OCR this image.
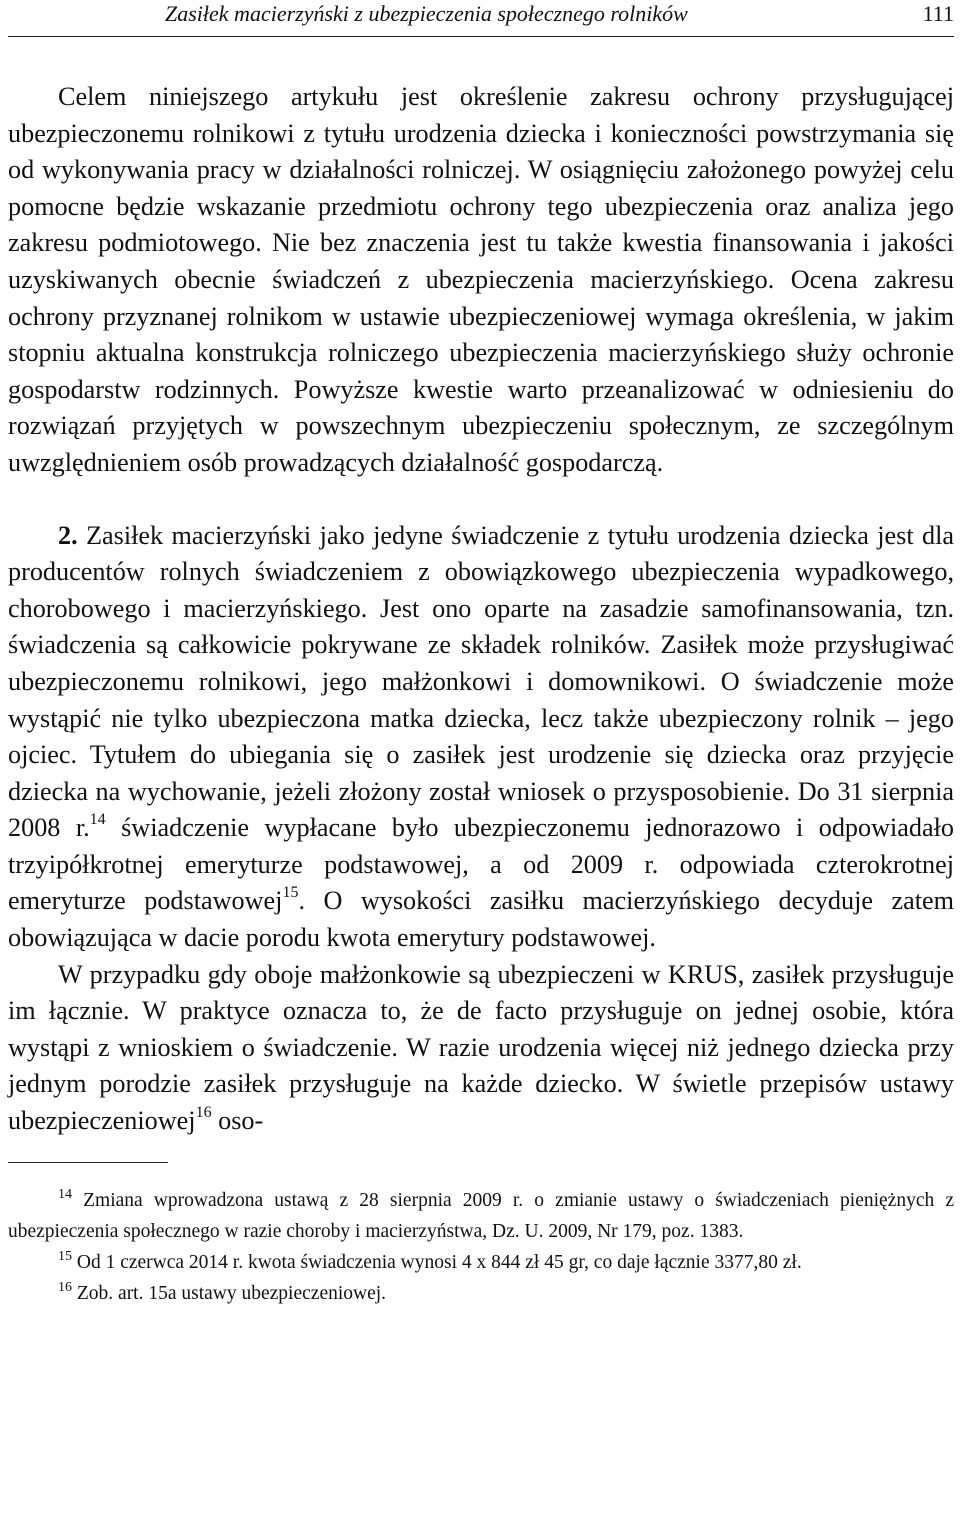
Zasiłek macierzyński z ubezpieczenia społecznego rolników	111

Celem niniejszego artykułu jest określenie zakresu ochrony przysługującej ubezpieczonemu rolnikowi z tytułu urodzenia dziecka i konieczności powstrzymania się od wykonywania pracy w działalności rolniczej. W osiągnięciu założonego powyżej celu pomocne będzie wskazanie przedmiotu ochrony tego ubezpieczenia oraz analiza jego zakresu podmiotowego. Nie bez znaczenia jest tu także kwestia finansowania i jakości uzyskiwanych obecnie świadczeń z ubezpieczenia macierzyńskiego. Ocena zakresu ochrony przyznanej rolnikom w ustawie ubezpieczeniowej wymaga określenia, w jakim stopniu aktualna konstrukcja rolniczego ubezpieczenia macierzyńskiego służy ochronie gospodarstw rodzinnych. Powyższe kwestie warto przeanalizować w odniesieniu do rozwiązań przyjętych w powszechnym ubezpieczeniu społecznym, ze szczególnym uwzględnieniem osób prowadzących działalność gospodarczą.

2. Zasiłek macierzyński jako jedyne świadczenie z tytułu urodzenia dziecka jest dla producentów rolnych świadczeniem z obowiązkowego ubezpieczenia wypadkowego, chorobowego i macierzyńskiego. Jest ono oparte na zasadzie samofinansowania, tzn. świadczenia są całkowicie pokrywane ze składek rolników. Zasiłek może przysługiwać ubezpieczonemu rolnikowi, jego małżonkowi i domownikowi. O świadczenie może wystąpić nie tylko ubezpieczona matka dziecka, lecz także ubezpieczony rolnik – jego ojciec. Tytułem do ubiegania się o zasiłek jest urodzenie się dziecka oraz przyjęcie dziecka na wychowanie, jeżeli złożony został wniosek o przysposobienie. Do 31 sierpnia 2008 r.$^{14}$ świadczenie wypłacane było ubezpieczonemu jednorazowo i odpowiadało trzyipółkrotnej emeryturze podstawowej, a od 2009 r. odpowiada czterokrotnej emeryturze podstawowej$^{15}$. O wysokości zasiłku macierzyńskiego decyduje zatem obowiązująca w dacie porodu kwota emerytury podstawowej.

W przypadku gdy oboje małżonkowie są ubezpieczeni w KRUS, zasiłek przysługuje im łącznie. W praktyce oznacza to, że de facto przysługuje on jednej osobie, która wystąpi z wnioskiem o świadczenie. W razie urodzenia więcej niż jednego dziecka przy jednym porodzie zasiłek przysługuje na każde dziecko. W świetle przepisów ustawy ubezpieczeniowej$^{16}$ oso-

$^{14}$ Zmiana wprowadzona ustawą z 28 sierpnia 2009 r. o zmianie ustawy o świadczeniach pieniężnych z ubezpieczenia społecznego w razie choroby i macierzyństwa, Dz. U. 2009, Nr 179, poz. 1383.

$^{15}$ Od 1 czerwca 2014 r. kwota świadczenia wynosi 4 x 844 zł 45 gr, co daje łącznie 3377,80 zł.

$^{16}$ Zob. art. 15a ustawy ubezpieczeniowej.
